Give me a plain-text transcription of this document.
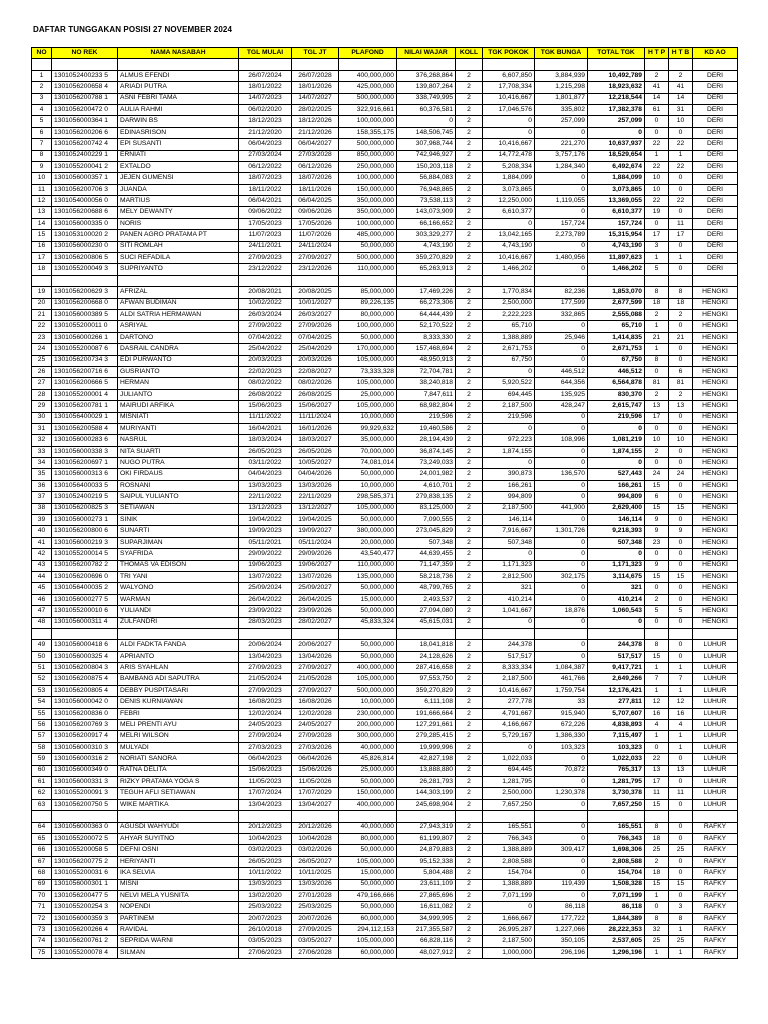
DAFTAR TUNGGAKAN POSISI 27 NOVEMBER 2024
NO	NO REK	NAMA NASABAH	TGL MULAI	TGL JT	PLAFOND	NILAI WAJAR	KOLL	TGK POKOK	TGK BUNGA	TOTAL TGK	H T P	H T B	KD AO

1	1301052400233 5	ALMUS EFENDI	26/07/2024	26/07/2028	400,000,000	376,268,864	2	6,607,850	3,884,939	10,492,789	2	2	DERI
2	1301056200658 4	ARIADI PUTRA	18/01/2022	18/01/2026	425,000,000	139,807,264	2	17,708,334	1,215,298	18,923,632	41	41	DERI
3	1301056200788 1	ASNI FEBRI TAMA	14/07/2023	14/07/2027	500,000,000	338,749,995	2	10,416,667	1,801,877	12,218,544	14	14	DERI
4	1301056200472 0	AULIA RAHMI	06/02/2020	28/02/2025	322,916,661	60,376,581	2	17,046,576	335,802	17,382,378	61	31	DERI
5	1301056000364 1	DARWIN BS	18/12/2023	18/12/2026	100,000,000	0	2	0	257,099	257,099	0	10	DERI
6	1301056200206 6	EDINASRISON	21/12/2020	21/12/2026	158,355,175	148,506,745	2	0	0	0	0	0	DERI
7	1301056200742 4	EPI SUSANTI	06/04/2023	06/04/2027	500,000,000	307,968,744	2	10,416,667	221,270	10,637,937	22	22	DERI
8	1301052400229 1	ERNIATI	27/03/2024	27/03/2028	850,000,000	742,946,927	2	14,772,478	3,757,176	18,529,654	1	1	DERI
9	1301055200041 2	EXTALDO	06/12/2022	06/12/2026	250,000,000	150,203,118	2	5,208,334	1,284,340	6,492,674	22	22	DERI
10	1301056000357 1	JEJEN GUMENSI	18/07/2023	18/07/2026	100,000,000	56,884,083	2	1,884,099	0	1,884,099	10	0	DERI
11	1301056200706 3	JUANDA	18/11/2022	18/11/2026	150,000,000	76,948,865	2	3,073,865	0	3,073,865	10	0	DERI
12	1301054000056 0	MARTIUS	06/04/2021	06/04/2025	350,000,000	73,538,113	2	12,250,000	1,119,055	13,369,055	22	22	DERI
13	1301056200688 6	MELY DEWANTY	09/06/2022	09/06/2026	350,000,000	143,073,909	2	6,610,377	0	6,610,377	19	0	DERI
14	1301056000335 0	NORIS	17/05/2023	17/05/2026	100,000,000	66,166,652	2	0	157,724	157,724	0	11	DERI
15	1301053100020 2	PANEN AGRO PRATAMA PT	11/07/2023	11/07/2026	485,000,000	303,329,277	2	13,042,165	2,273,789	15,315,954	17	17	DERI
16	1301056000230 0	SITI ROMLAH	24/11/2021	24/11/2024	50,000,000	4,743,190	2	4,743,190	0	4,743,190	3	0	DERI
17	1301056200806 5	SUCI REFADILA	27/09/2023	27/09/2027	500,000,000	359,270,829	2	10,416,667	1,480,956	11,897,623	1	1	DERI
18	1301055200049 3	SUPRIYANTO	23/12/2022	23/12/2026	110,000,000	65,263,913	2	1,466,202	0	1,466,202	5	0	DERI

19	1301056200629 3	AFRIZAL	20/08/2021	20/08/2025	85,000,000	17,469,226	2	1,770,834	82,236	1,853,070	8	8	HENGKI
20	1301056200668 0	AFWAN BUDIMAN	10/02/2022	10/01/2027	89,226,135	66,273,306	2	2,500,000	177,599	2,677,599	18	18	HENGKI
21	1301056000389 5	ALDI SATRIA HERMAWAN	26/03/2024	26/03/2027	80,000,000	64,444,439	2	2,222,223	332,865	2,555,088	2	2	HENGKI
22	1301055200011 0	ASRIYAL	27/09/2022	27/09/2026	100,000,000	52,170,522	2	65,710	0	65,710	1	0	HENGKI
23	1301056000266 1	DARTONO	07/04/2022	07/04/2025	50,000,000	8,333,330	2	1,388,889	25,946	1,414,835	21	21	HENGKI
24	1301055200087 6	DASRAIL CANDRA	25/04/2022	25/04/2029	170,000,000	157,468,694	2	2,671,753	0	2,671,753	1	0	HENGKI
25	1301056200734 3	EDI PURWANTO	20/03/2023	20/03/2026	105,000,000	48,950,913	2	67,750	0	67,750	8	0	HENGKI
26	1301056200716 6	GUSRIANTO	22/02/2023	22/08/2027	73,333,328	72,704,781	2	0	446,512	446,512	0	6	HENGKI
27	1301056200666 5	HERMAN	08/02/2022	08/02/2026	105,000,000	38,240,818	2	5,920,522	644,356	6,564,878	81	81	HENGKI
28	1301055200001 4	JULIANTO	26/08/2022	26/08/2025	25,000,000	7,847,611	2	694,445	135,925	830,370	2	2	HENGKI
29	1301056200781 1	MAIRUDI ARFIKA	15/06/2023	15/06/2027	105,000,000	68,982,804	2	2,187,500	428,247	2,615,747	13	13	HENGKI
30	1301056400029 1	MISNIATI	11/11/2022	11/11/2024	10,000,000	219,596	2	219,596	0	219,596	17	0	HENGKI
31	1301056200588 4	MURIYANTI	16/04/2021	16/01/2026	99,929,632	19,460,586	2	0	0	0	0	0	HENGKI
32	1301056000283 6	NASRUL	18/03/2024	18/03/2027	35,000,000	28,194,439	2	972,223	108,996	1,081,219	10	10	HENGKI
33	1301056000338 3	NITA SUARTI	26/05/2023	26/05/2026	70,000,000	36,874,145	2	1,874,155	0	1,874,155	2	0	HENGKI
34	1301056200697 1	NUGO PUTRA	03/11/2022	10/05/2027	74,081,014	73,249,033	2	0	0	0	0	0	HENGKI
35	1301056000313 6	OKI FIRDAUS	04/04/2023	04/04/2026	50,000,000	24,001,982	2	390,873	136,570	527,443	24	24	HENGKI
36	1301056400033 5	ROSNANI	13/03/2023	13/03/2026	10,000,000	4,610,701	2	166,261	0	166,261	15	0	HENGKI
37	1301052400219 5	SAIPUL YULIANTO	22/11/2022	22/11/2029	298,585,371	279,838,135	2	994,809	0	994,809	6	0	HENGKI
38	1301056200825 3	SETIAWAN	13/12/2023	13/12/2027	105,000,000	83,125,000	2	2,187,500	441,900	2,629,400	15	15	HENGKI
39	1301056000273 1	SINIK	19/04/2022	19/04/2025	50,000,000	7,090,555	2	146,114	0	146,114	9	0	HENGKI
40	1301056200800 6	SUNARTI	19/09/2023	19/09/2027	380,000,000	273,045,829	2	7,916,667	1,301,726	9,218,393	9	9	HENGKI
41	1301056000219 3	SUPARJIMAN	05/11/2021	05/11/2024	20,000,000	507,348	2	507,348	0	507,348	23	0	HENGKI
42	1301055200014 5	SYAFRIDA	29/09/2022	29/09/2026	43,540,477	44,639,455	2	0	0	0	0	0	HENGKI
43	1301056200782 2	THOMAS VA EDISON	19/06/2023	19/06/2027	110,000,000	71,147,359	2	1,171,323	0	1,171,323	9	0	HENGKI
44	1301056200696 0	TRI YANI	13/07/2022	13/07/2026	135,000,000	58,218,736	2	2,812,500	302,175	3,114,675	15	15	HENGKI
45	1301056400035 2	WALYONO	25/09/2024	25/09/2027	50,000,000	48,799,765	2	321	0	321	0	0	HENGKI
46	1301056000277 5	WARMAN	26/04/2022	26/04/2025	15,000,000	2,493,537	2	410,214	0	410,214	2	0	HENGKI
47	1301055200010 6	YULIANDI	23/09/2022	23/09/2026	50,000,000	27,094,080	2	1,041,667	18,876	1,060,543	5	5	HENGKI
48	1301056000311 4	ZULFANDRI	28/03/2023	28/02/2027	45,833,324	45,615,031	2	0	0	0	0	0	HENGKI

49	1301056000418 6	ALDI FADKTA FANDA	20/06/2024	20/06/2027	50,000,000	18,041,818	2	244,378	0	244,378	8	0	LUHUR
50	1301056000325 4	APRIANTO	13/04/2023	13/04/2026	50,000,000	24,128,626	2	517,517	0	517,517	15	0	LUHUR
51	1301056200804 3	ARIS SYAHLAN	27/09/2023	27/09/2027	400,000,000	287,416,658	2	8,333,334	1,084,387	9,417,721	1	1	LUHUR
52	1301056200875 4	BAMBANG ADI SAPUTRA	21/05/2024	21/05/2028	105,000,000	97,553,750	2	2,187,500	461,766	2,649,266	7	7	LUHUR
53	1301056200805 4	DEBBY PUSPITASARI	27/09/2023	27/09/2027	500,000,000	359,270,829	2	10,416,667	1,759,754	12,176,421	1	1	LUHUR
54	1301056000042 0	DENIS KURNIAWAN	16/08/2023	16/08/2026	10,000,000	6,111,108	2	277,778	33	277,811	12	12	LUHUR
55	1301056200836 0	FEBRI	12/02/2024	12/02/2028	230,000,000	191,666,664	2	4,791,667	915,940	5,707,607	16	16	LUHUR
56	1301056200769 3	MELI PRENTI AYU	24/05/2023	24/05/2027	200,000,000	127,291,661	2	4,166,667	672,226	4,838,893	4	4	LUHUR
57	1301056200917 4	MELRI WILSON	27/09/2024	27/09/2028	300,000,000	279,285,415	2	5,729,167	1,386,330	7,115,497	1	1	LUHUR
58	1301056000310 3	MULYADI	27/03/2023	27/03/2026	40,000,000	19,999,996	2	0	103,323	103,323	0	1	LUHUR
59	1301056000316 2	NORIATI SANORA	06/04/2023	06/04/2026	45,826,814	42,827,198	2	1,022,033	0	1,022,033	22	0	LUHUR
60	1301056000349 0	RATNA DELITA	15/06/2023	15/06/2026	25,000,000	13,888,880	2	694,445	70,872	765,317	13	13	LUHUR
61	1301056000331 3	RIZKY PRATAMA YOGA S	11/05/2023	11/05/2026	50,000,000	26,281,793	2	1,281,795	0	1,281,795	17	0	LUHUR
62	1301055200091 3	TEGUH AFLI SETIAWAN	17/07/2024	17/07/2029	150,000,000	144,303,199	2	2,500,000	1,230,378	3,730,378	11	11	LUHUR
63	1301056200750 5	WIKE MARTIKA	13/04/2023	13/04/2027	400,000,000	245,698,904	2	7,657,250	0	7,657,250	15	0	LUHUR

64	1301056000363 0	AGUSDI WAHYUDI	20/12/2023	20/12/2026	40,000,000	27,943,319	2	165,551	0	165,551	8	0	RAFKY
65	1301055200072 5	AHYAR SUYITNO	10/04/2023	10/04/2028	80,000,000	61,199,807	2	766,343	0	766,343	18	0	RAFKY
66	1301055200058 5	DEFNI OSNI	03/02/2023	03/02/2026	50,000,000	24,879,883	2	1,388,889	309,417	1,698,306	25	25	RAFKY
67	1301056200775 2	HERIYANTI	26/05/2023	26/05/2027	105,000,000	95,152,338	2	2,808,588	0	2,808,588	2	0	RAFKY
68	1301055200031 6	IKA SELVIA	10/11/2022	10/11/2025	15,000,000	5,804,488	2	154,704	0	154,704	18	0	RAFKY
69	1301056000301 1	MISNI	13/03/2023	13/03/2026	50,000,000	23,611,109	2	1,388,889	119,439	1,508,328	15	15	RAFKY
70	1301056200477 5	NELVI MELA YUSNITA	13/02/2020	27/01/2028	479,166,666	27,865,696	2	7,071,199	0	7,071,199	1	0	RAFKY
71	1301055200254 3	NOPENDI	25/03/2022	25/03/2025	50,000,000	16,611,082	2	0	86,118	86,118	0	3	RAFKY
72	1301056000359 3	PARTINEM	20/07/2023	20/07/2026	60,000,000	34,999,995	2	1,666,667	177,722	1,844,389	8	8	RAFKY
73	1301056200266 4	RAVIDAL	26/10/2018	27/09/2025	294,112,153	217,355,587	2	26,995,287	1,227,066	28,222,353	32	1	RAFKY
74	1301056200761 2	SEPRIDA WARNI	03/05/2023	03/05/2027	105,000,000	66,828,116	2	2,187,500	350,105	2,537,605	25	25	RAFKY
75	1301055200078 4	SILMAN	27/06/2023	27/06/2028	60,000,000	48,027,912	2	1,000,000	296,196	1,296,196	1	1	RAFKY
